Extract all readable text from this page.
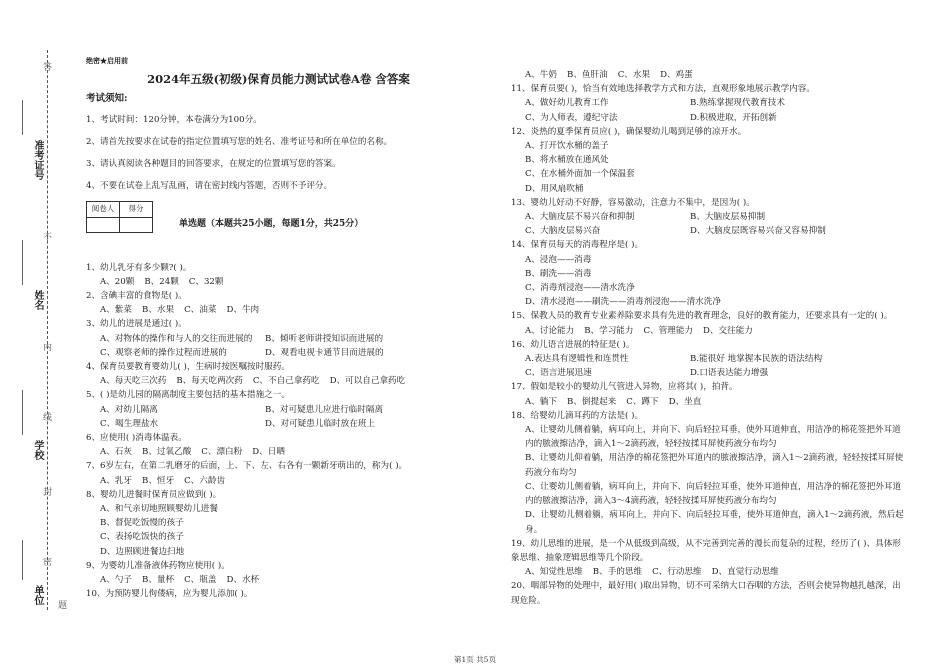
准考证号
姓名
学校
单位
答
不
内
线
封
密
题
绝密★启用前
2024年五级(初级)保育员能力测试试卷A卷 含答案
考试须知:

1、考试时间：120分钟，本卷满分为100分。

2、请首先按要求在试卷的指定位置填写您的姓名、准考证号和所在单位的名称。

3、请认真阅读各种题目的回答要求，在规定的位置填写您的答案。

4、不要在试卷上乱写乱画，请在密封线内答题，否则不予评分。

阅卷人	得分

单选题（本题共25小题，每题1分，共25分）
1、幼儿乳牙有多少颗?( )。
A、20颗 B、24颗 C、32颗
2、含碘丰富的食物是( )。
A、紫菜 B、水果 C、油菜 D、牛肉
3、幼儿的进展是通过( )。
A、对物体的操作和与人的交往而进展的	B、倾听老师讲授知识而进展的
C、观察老师的操作过程而进展的	D、观看电视卡通节目而进展的
4、保育员要教育婴幼儿( )，生病时按医嘱按时服药。
A、每天吃三次药 B、每天吃两次药 C、不自己拿药吃 D、可以自己拿药吃
5、( )是幼儿园的隔离制度主要包括的基本措施之一。
A、对幼儿隔离	B、对可疑患儿应进行临时隔离
C、喝生理盐水	D、对可疑患儿临时放在班上
6、应使用( )消毒体温表。
A、石灰 B、过氧乙酸 C、漂白粉 D、日晒
7、6岁左右，在第二乳磨牙的后面，上、下、左、右各有一颗新牙萌出的，称为( )。
A、乳牙 B、恒牙 C、六龄齿
8、婴幼儿进餐时保育员应做到( )。
A、和气亲切地照顾婴幼儿进餐
B、督促吃饭慢的孩子
C、表扬吃饭快的孩子
D、边照顾进餐边扫地
9、为婴幼儿准备液体药物应使用( )。
A、勺子 B、量杯 C、瓶盖 D、水杯
10、为预防婴儿佝偻病，应为婴儿添加( )。
A、牛奶 B、鱼肝油 C、水果 D、鸡蛋
11、保育员要( )，恰当有效地选择教学方式和方法，直观形象地展示教学内容。
A、做好幼儿教育工作	B.熟练掌握现代教育技术
C、为人师表，遵纪守法	D.积极进取，开拓创新
12、炎热的夏季保育员应( )，确保婴幼儿喝到足够的凉开水。
A、打开饮水桶的盖子
B、将水桶放在通风处
C、在水桶外面加一个保温套
D、用风扇吹桶
13、婴幼儿好动不好静，容易激动，注意力不集中，是因为( )。
A、大脑皮层不易兴奋和抑制	B、大脑皮层易抑制
C、大脑皮层易兴奋	D、大脑皮层既容易兴奋又容易抑制
14、保育员每天的消毒程序是( )。
A、浸泡——消毒
B、刷洗——消毒
C、消毒剂浸泡——清水洗净
D、清水浸泡——刷洗——消毒剂浸泡——清水洗净
15、保教人员的教育专业素养除要求具有先进的教育理念，良好的教育能力，还要求具有一定的( )。
A、讨论能力 B、学习能力 C、管理能力 D、交往能力
16、幼儿语言进展的特征是( )。
A.表达具有逻辑性和连贯性	B.能很好 地掌握本民族的语法结构
C、语言进展迅速	D.口语表达能力增强
17、假如是较小的婴幼儿气管进入异物，应将其( )，拍背。
A、躺下 B、倒提起来 C、蹲下 D、坐直
18、给婴幼儿滴耳药的方法是( )。
A、让婴幼儿侧着躺，病耳向上，并向下、向后轻拉耳垂，使外耳道伸直，用洁净的棉花签把外耳道内的脓液擦洁净，滴入1～2滴药液，轻轻按揉耳屏使药液分布均匀
B、让婴幼儿仰着躺，用洁净的棉花签把外耳道内的脓液擦洁净，滴入1～2滴药液，轻轻按揉耳屏使药液分布均匀
C、让婴幼儿侧着躺，病耳向上，并向下、向后轻拉耳垂，使外耳道伸直，用洁净的棉花签把外耳道内的脓液擦洁净，滴入3～4滴药液，轻轻按揉耳屏使药液分布均匀
D、让婴幼儿侧着躺，病耳向上，并向下、向后轻拉耳垂，使外耳道伸直，滴入1～2滴药液，然后起身。
19、幼儿思维的进展，是一个从低级到高级，从不完善到完善的漫长而复杂的过程，经历了( )、具体形象思维、抽象逻辑思维等几个阶段。
A、知觉性思维 B、手的思维 C、行动思维 D、直觉行动思维
20、咽部异物的处理中，最好用( )取出异物，切不可采纳大口吞咽的方法，否则会使异物越扎越深，出现危险。
第1页 共5页
